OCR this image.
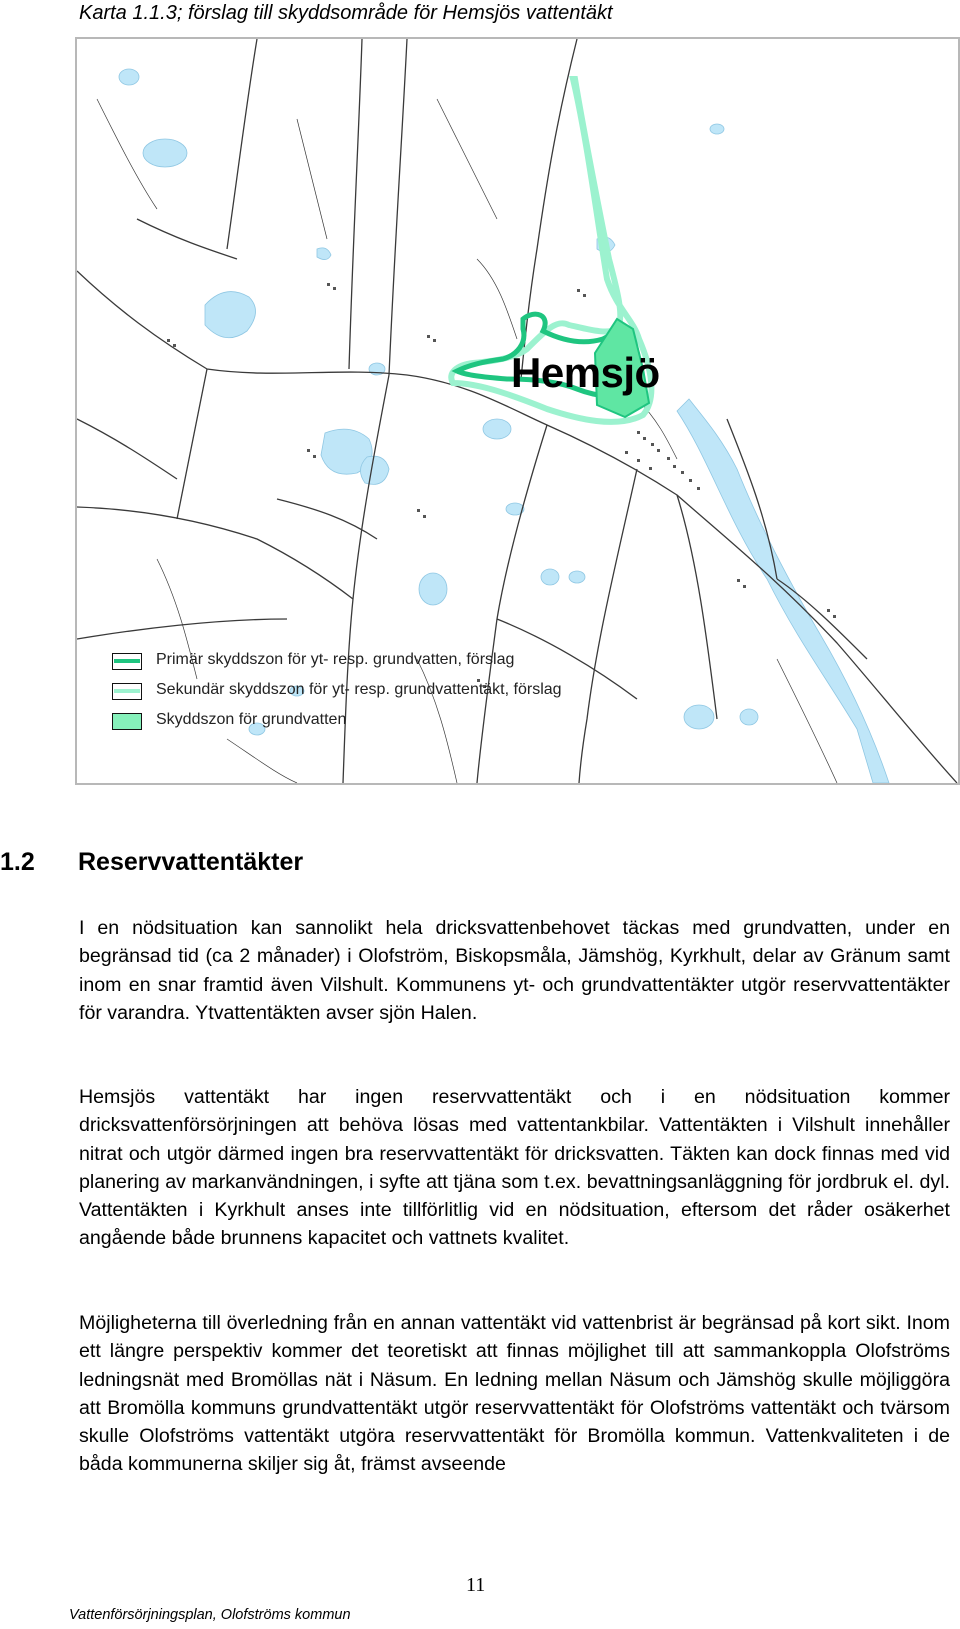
Karta 1.1.3; förslag till skyddsområde för Hemsjös vattentäkt
Hemsjö
Primär skyddszon för yt- resp. grundvatten, förslag
Sekundär skyddszon för yt- resp. grundvattentäkt, förslag
Skyddszon för grundvatten
1.2 Reservvattentäkter

I en nödsituation kan sannolikt hela dricksvattenbehovet täckas med grundvatten, under en begränsad tid (ca 2 månader) i Olofström, Biskopsmåla, Jämshög, Kyrkhult, delar av Gränum samt inom en snar framtid även Vilshult. Kommunens yt- och grundvattentäkter utgör reservvattentäkter för varandra. Ytvattentäkten avser sjön Halen.

Hemsjös vattentäkt har ingen reservvattentäkt och i en nödsituation kommer dricksvattenförsörjningen att behöva lösas med vattentankbilar. Vattentäkten i Vilshult innehåller nitrat och utgör därmed ingen bra reservvattentäkt för dricksvatten. Täkten kan dock finnas med vid planering av markanvändningen, i syfte att tjäna som t.ex. bevattningsanläggning för jordbruk el. dyl. Vattentäkten i Kyrkhult anses inte tillförlitlig vid en nödsituation, eftersom det råder osäkerhet angående både brunnens kapacitet och vattnets kvalitet.

Möjligheterna till överledning från en annan vattentäkt vid vattenbrist är begränsad på kort sikt. Inom ett längre perspektiv kommer det teoretiskt att finnas möjlighet till att sammankoppla Olofströms ledningsnät med Bromöllas nät i Näsum. En ledning mellan Näsum och Jämshög skulle möjliggöra att Bromölla kommuns grundvattentäkt utgör reservvattentäkt för Olofströms vattentäkt och tvärsom skulle Olofströms vattentäkt utgöra reservvattentäkt för Bromölla kommun. Vattenkvaliteten i de båda kommunerna skiljer sig åt, främst avseende

11
Vattenförsörjningsplan, Olofströms kommun
